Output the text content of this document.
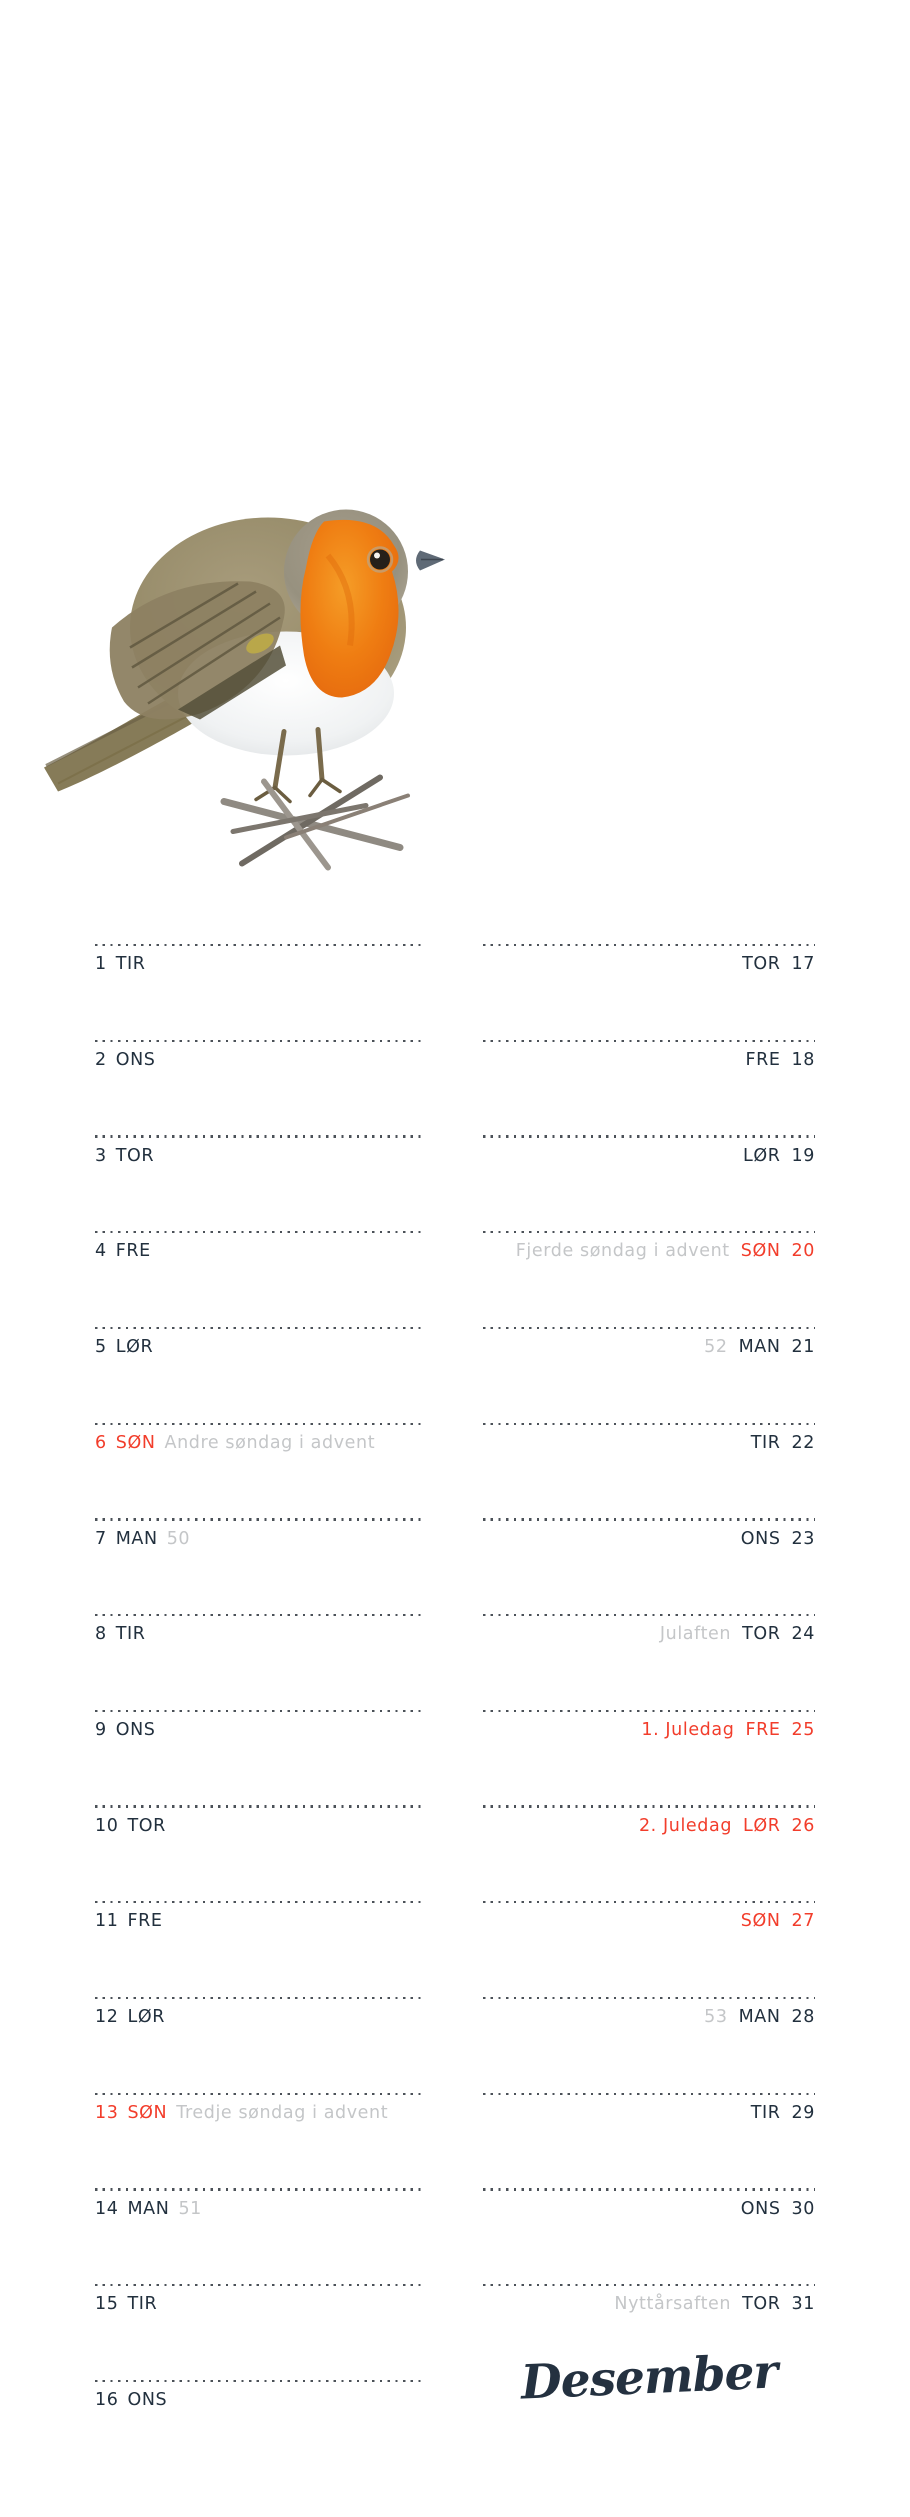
1 TIR
2 ONS
3 TOR
4 FRE
5 LØR
6 SØN Andre søndag i advent
7 MAN 50
8 TIR
9 ONS
10 TOR
11 FRE
12 LØR
13 SØN Tredje søndag i advent
14 MAN 51
15 TIR
16 ONS
TOR 17
FRE 18
LØR 19
Fjerde søndag i advent SØN 20
52 MAN 21
TIR 22
ONS 23
Julaften TOR 24
1. Juledag FRE 25
2. Juledag LØR 26
SØN 27
53 MAN 28
TIR 29
ONS 30
Nyttårsaften TOR 31
Desember
